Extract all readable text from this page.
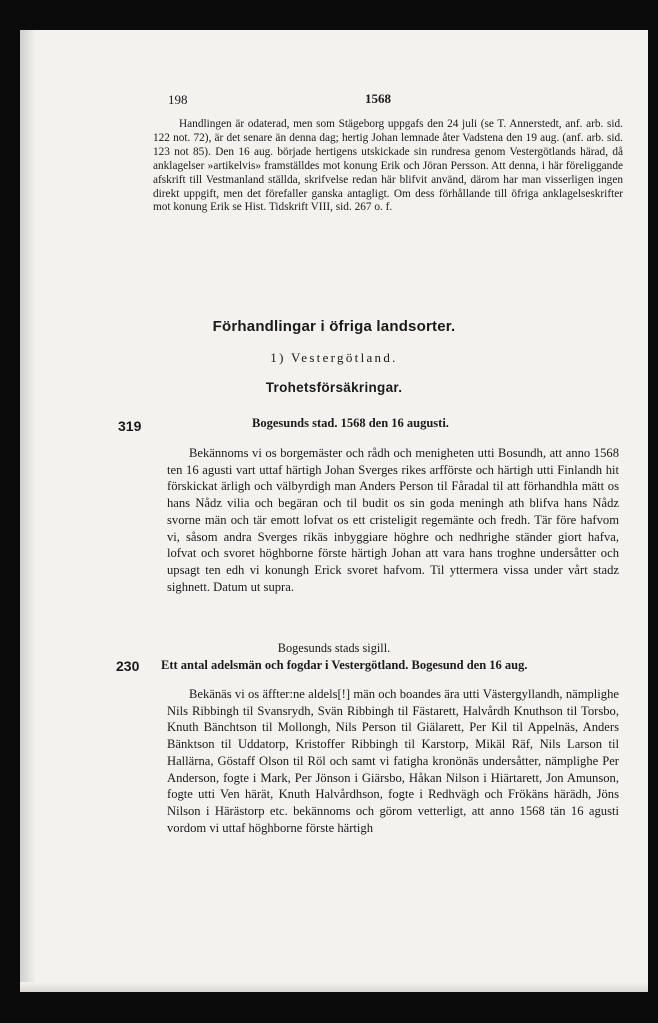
198	1568

Handlingen är odaterad, men som Stägeborg uppgafs den 24 juli (se T. Annerstedt, anf. arb. sid. 122 not. 72), är det senare än denna dag; hertig Johan lemnade åter Vadstena den 19 aug. (anf. arb. sid. 123 not 85). Den 16 aug. började hertigens utskickade sin rundresa genom Vestergötlands härad, då anklagelser »artikelvis» framställdes mot konung Erik och Jöran Persson. Att denna, i här föreliggande afskrift till Vestmanland ställda, skrifvelse redan här blifvit använd, därom har man visserligen ingen direkt uppgift, men det förefaller ganska antagligt. Om dess förhållande till öfriga anklagelseskrifter mot konung Erik se Hist. Tidskrift VIII, sid. 267 o. f.

Förhandlingar i öfriga landsorter.
1) Vestergötland.
Trohetsförsäkringar.
319	Bogesunds stad. 1568 den 16 augusti.

Bekännoms vi os borgemäster och rådh och menigheten utti Bosundh, att anno 1568 ten 16 agusti vart uttaf härtigh Johan Sverges rikes arfförste och härtigh utti Finlandh hit förskickat ärligh och välbyrdigh man Anders Person til Fåradal til att förhandhla mätt os hans Nådz vilia och begäran och til budit os sin goda meningh ath blifva hans Nådz svorne män och tär emott lofvat os ett cristeligit regemänte och fredh. Tär före hafvom vi, såsom andra Sverges rikäs inbyggiare höghre och nedhrighe ständer giort hafva, lofvat och svoret höghborne förste härtigh Johan att vara hans troghne undersåtter och upsagt ten edh vi konungh Erick svoret hafvom. Til yttermera vissa under vårt stadz sighnett. Datum ut supra.

Bogesunds stads sigill.
230 Ett antal adelsmän och fogdar i Vestergötland. Bogesund den 16 aug.

Bekänäs vi os äffter:ne aldels[!] män och boandes ära utti Västergyllandh, nämplighe Nils Ribbingh til Svansrydh, Svän Ribbingh til Fästarett, Halvårdh Knuthson til Torsbo, Knuth Bänchtson til Mollongh, Nils Person til Giälarett, Per Kil til Appelnäs, Anders Bänktson til Uddatorp, Kristoffer Ribbingh til Karstorp, Mikäl Räf, Nils Larson til Hallärna, Göstaff Olson til Röl och samt vi fatigha kronönäs undersåtter, nämplighe Per Anderson, fogte i Mark, Per Jönson i Giärsbo, Håkan Nilson i Hiärtarett, Jon Amunson, fogte utti Ven härät, Knuth Halvårdhson, fogte i Redhvägh och Frökäns härädh, Jöns Nilson i Härästorp etc. bekännoms och görom vetterligt, att anno 1568 tän 16 agusti vordom vi uttaf höghborne förste härtigh
